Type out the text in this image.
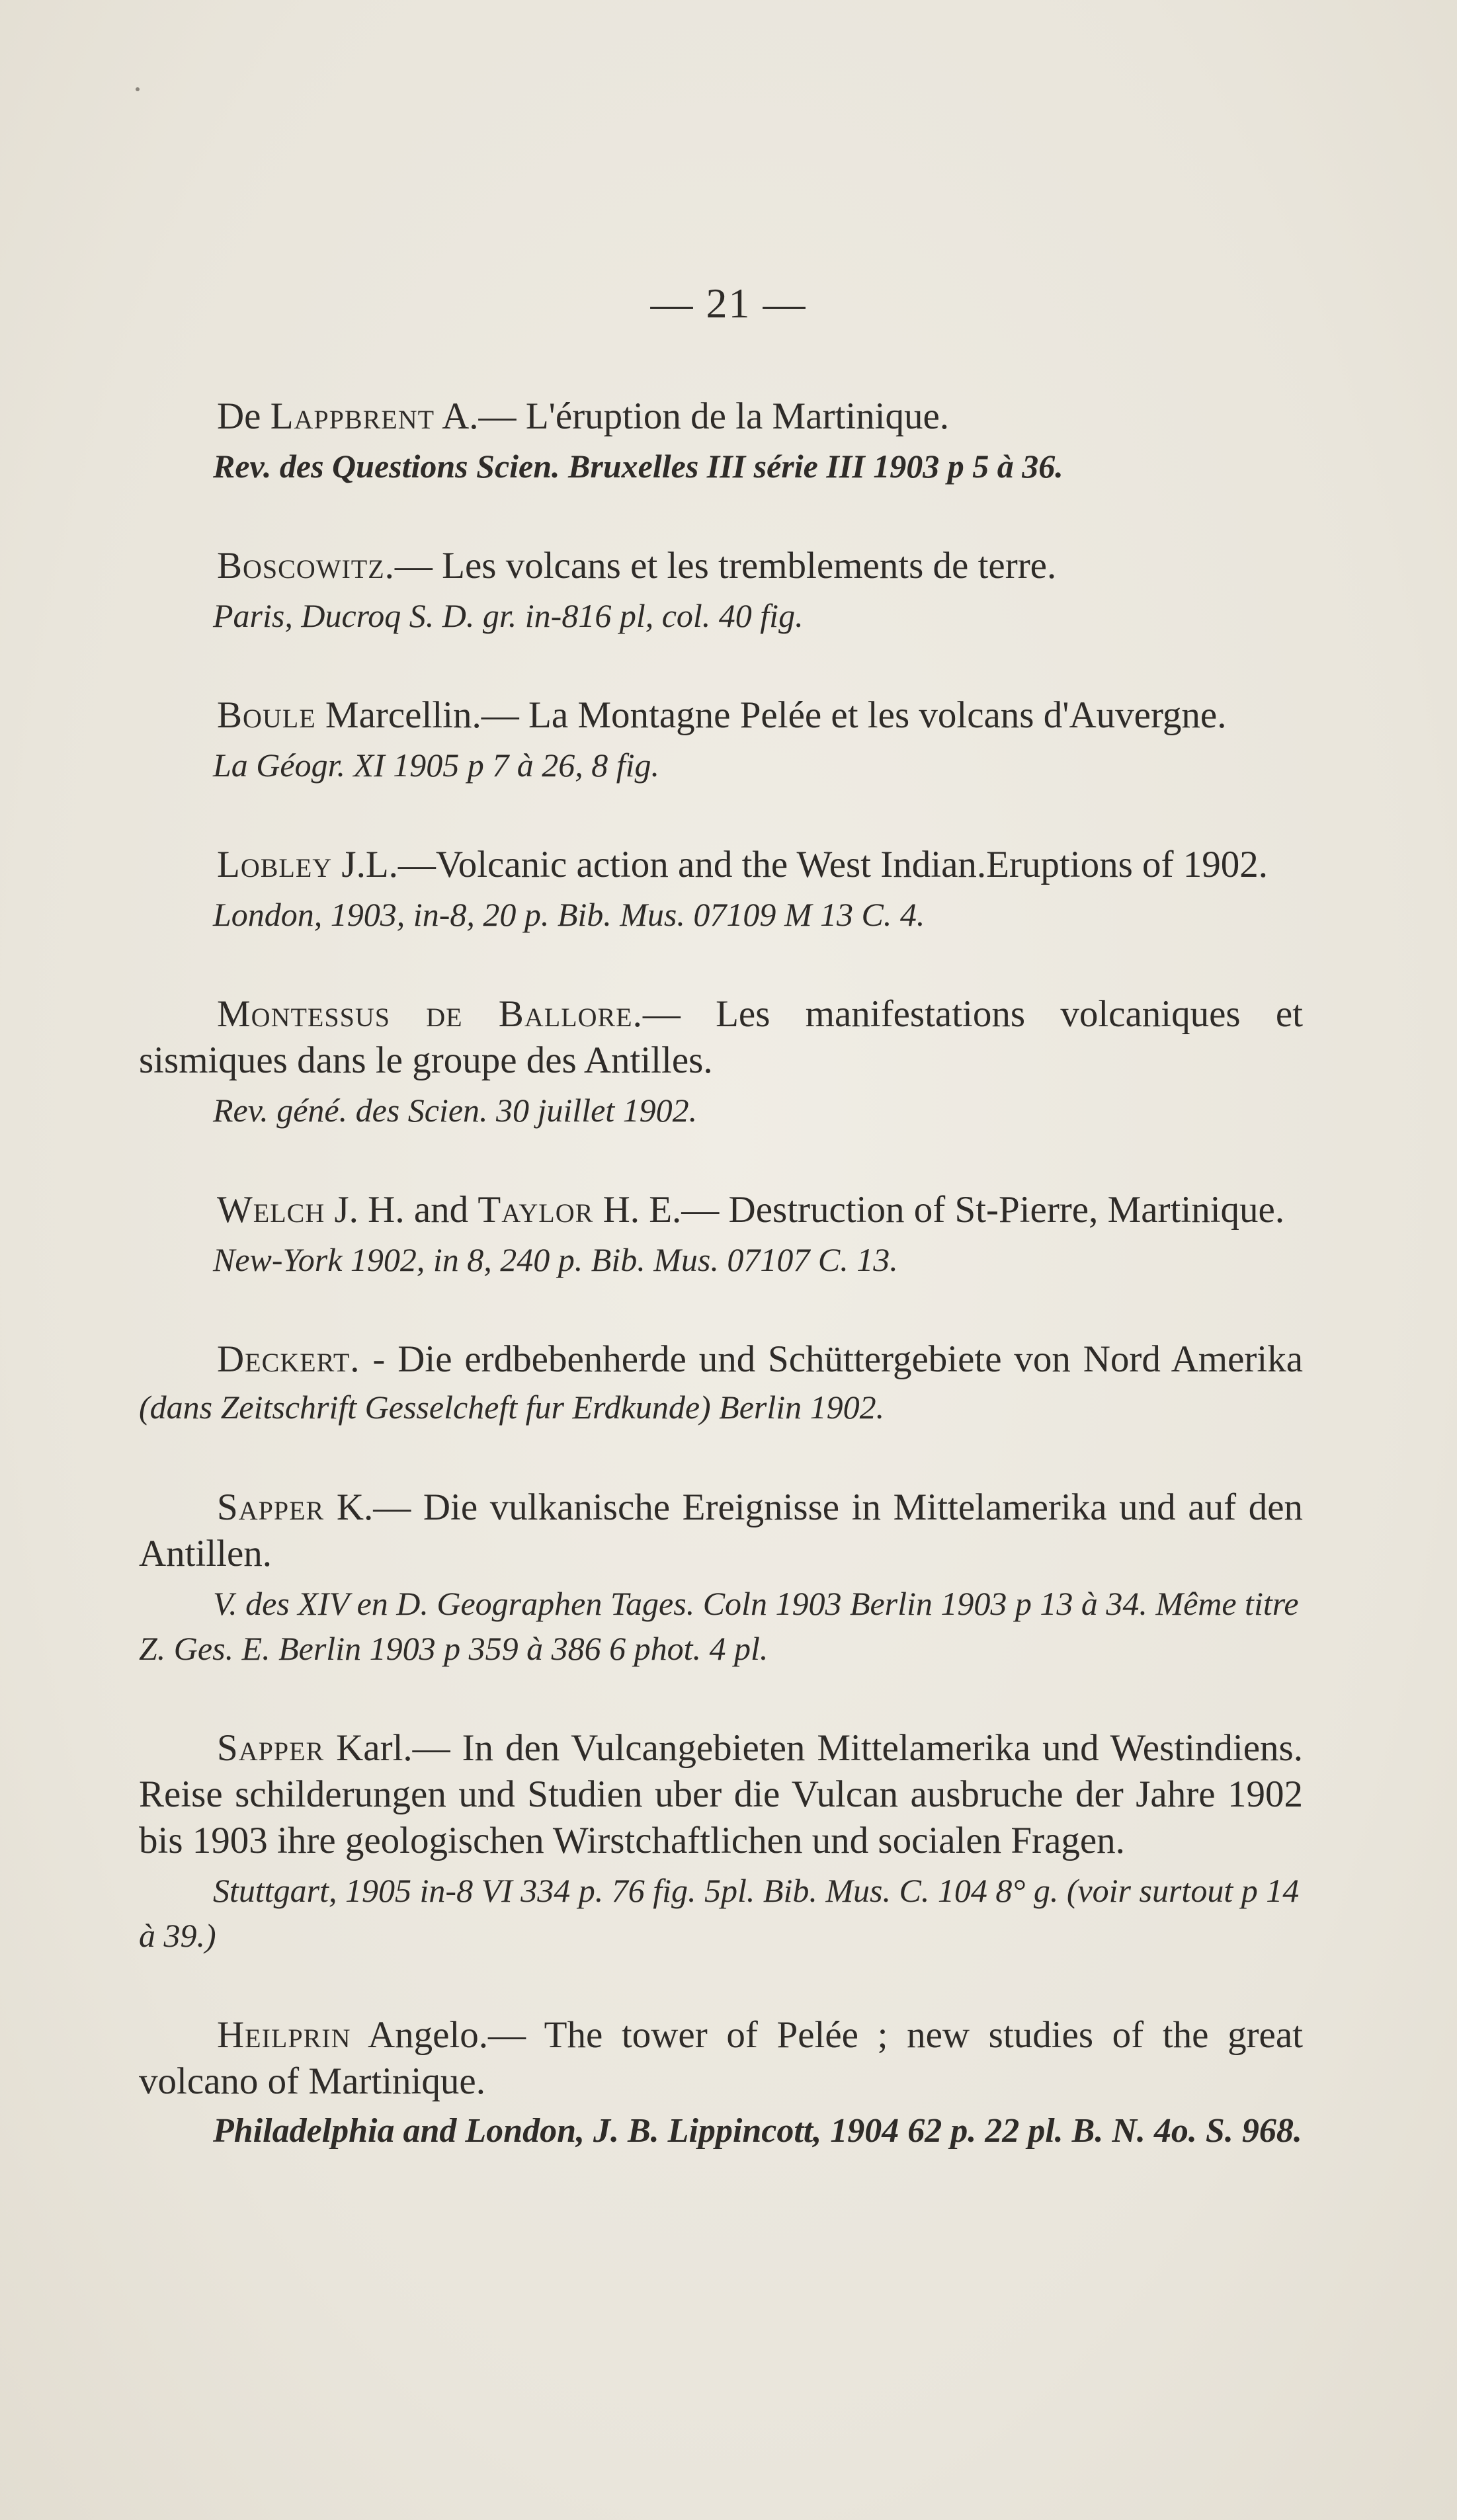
— 21 —
De Lappbrent A.— L'éruption de la Martinique.
Rev. des Questions Scien. Bruxelles III série III 1903 p 5 à 36.
Boscowitz.— Les volcans et les tremblements de terre.
Paris, Ducroq S. D. gr. in-816 pl, col. 40 fig.
Boule Marcellin.— La Montagne Pelée et les volcans d'Auvergne.
La Géogr. XI 1905 p 7 à 26, 8 fig.
Lobley J.L.—Volcanic action and the West Indian.Eruptions of 1902.
London, 1903, in-8, 20 p. Bib. Mus. 07109 M 13 C. 4.
Montessus de Ballore.— Les manifestations volcaniques et sismiques dans le groupe des Antilles.
Rev. géné. des Scien. 30 juillet 1902.
Welch J. H. and Taylor H. E.— Destruction of St-Pierre, Martinique.
New-York 1902, in 8, 240 p. Bib. Mus. 07107 C. 13.
Deckert. - Die erdbebenherde und Schüttergebiete von Nord Amerika (dans Zeitschrift Gesselcheft fur Erdkunde) Berlin 1902.
Sapper K.— Die vulkanische Ereignisse in Mittelamerika und auf den Antillen.
V. des XIV en D. Geographen Tages. Coln 1903 Berlin 1903 p 13 à 34. Même titre Z. Ges. E. Berlin 1903 p 359 à 386 6 phot. 4 pl.
Sapper Karl.— In den Vulcangebieten Mittelamerika und Westindiens. Reise schilderungen und Studien uber die Vulcan ausbruche der Jahre 1902 bis 1903 ihre geologischen Wirstchaftlichen und socialen Fragen.
Stuttgart, 1905 in-8 VI 334 p. 76 fig. 5pl. Bib. Mus. C. 104 8° g. (voir surtout p 14 à 39.)
Heilprin Angelo.— The tower of Pelée ; new studies of the great volcano of Martinique.
Philadelphia and London, J. B. Lippincott, 1904 62 p. 22 pl. B. N. 4o. S. 968.
